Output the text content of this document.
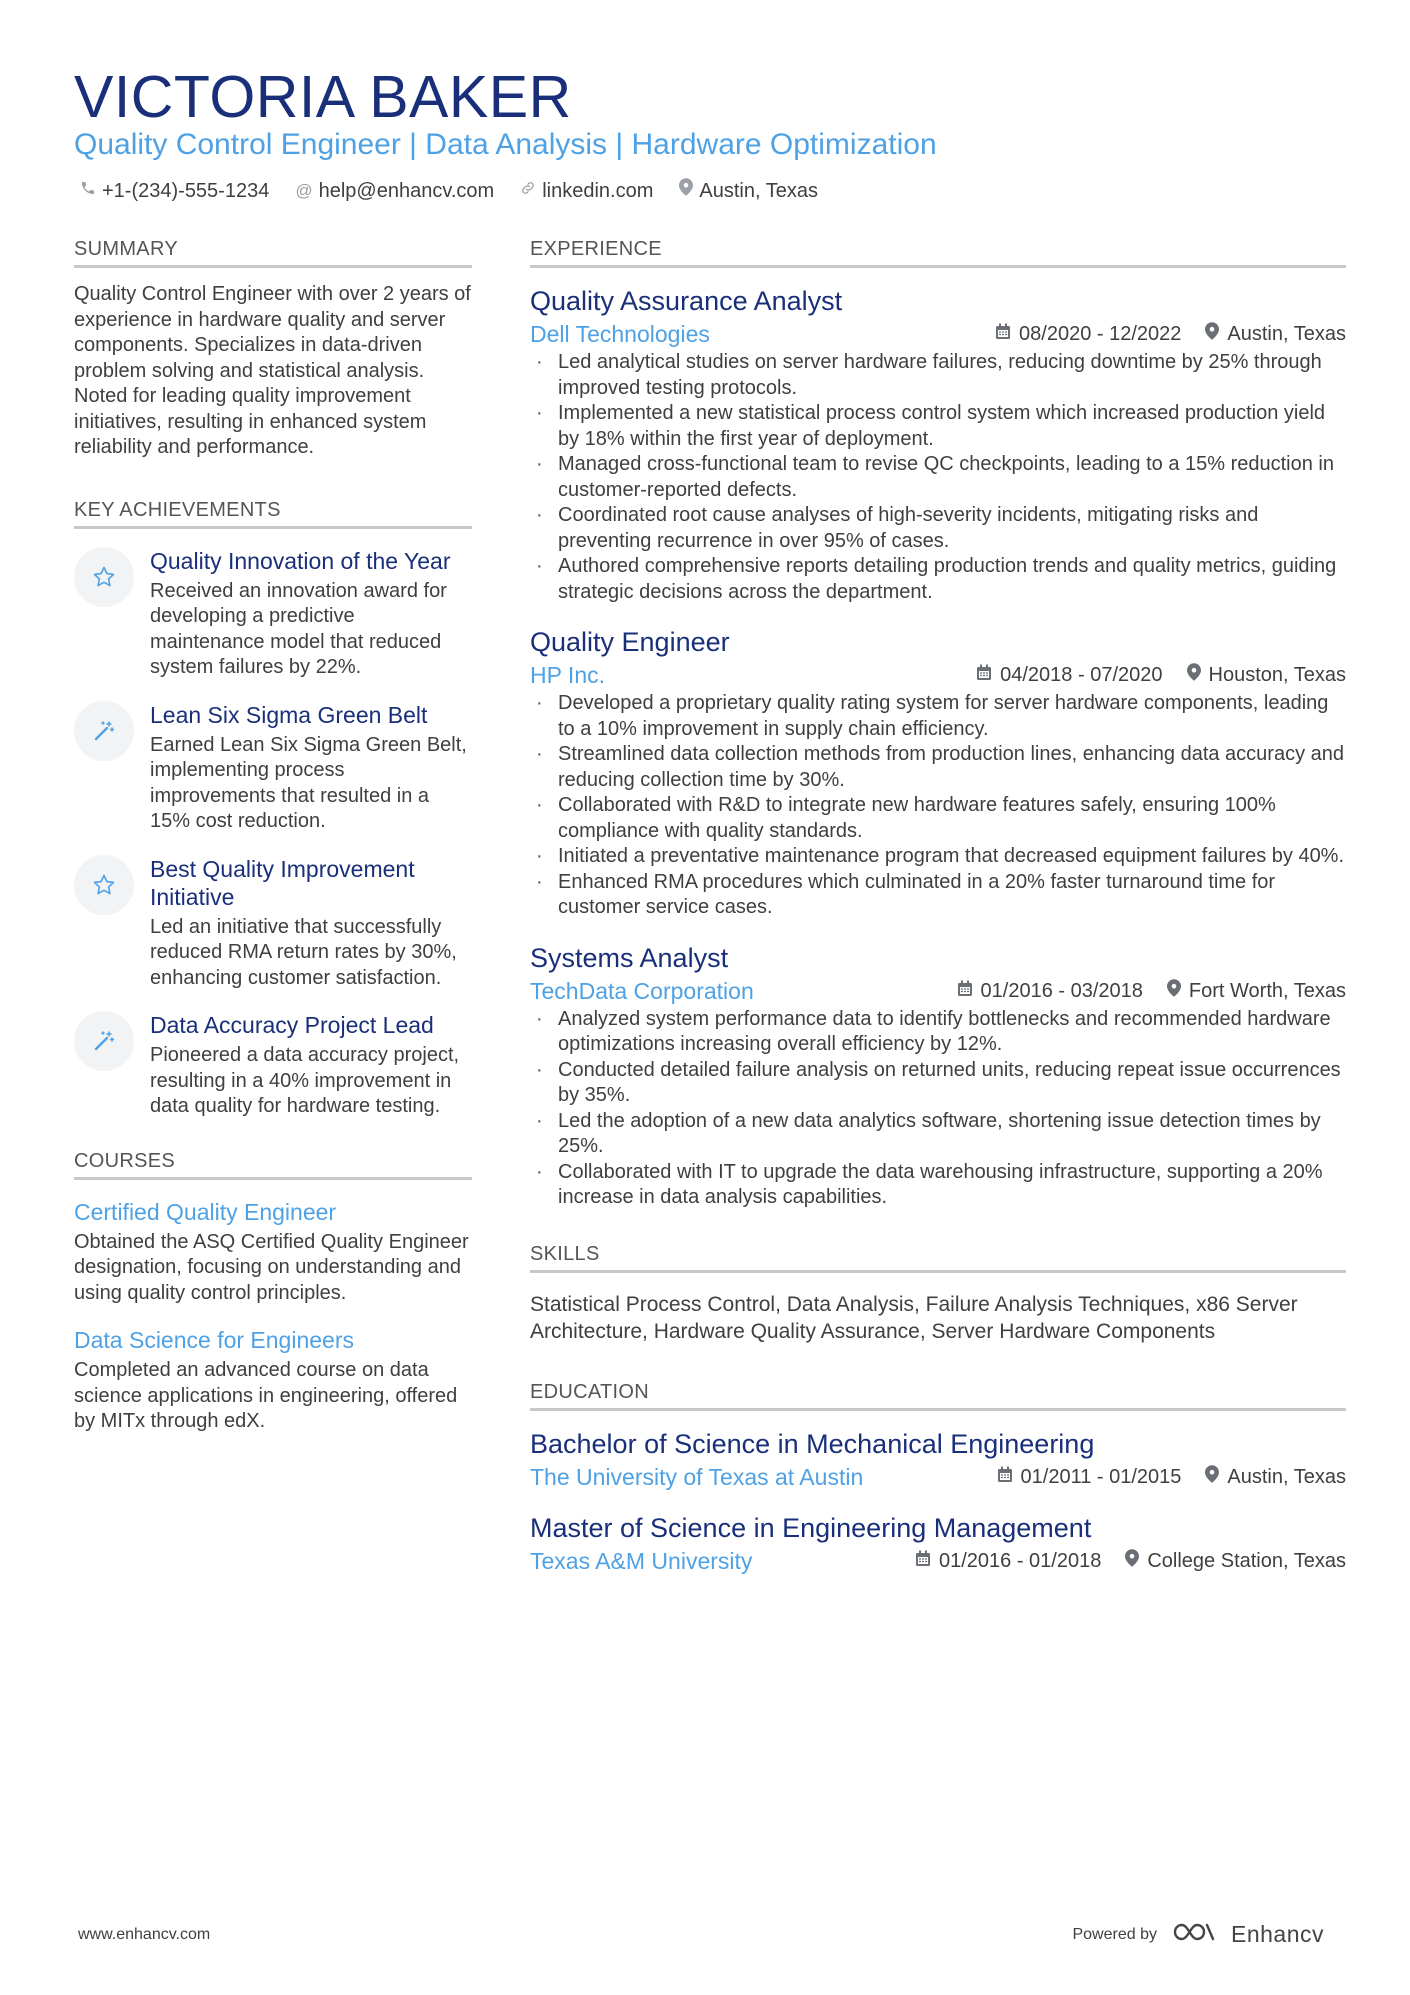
VICTORIA BAKER
Quality Control Engineer | Data Analysis | Hardware Optimization
+1-(234)-555-1234 @ help@enhancv.com linkedin.com Austin, Texas
SUMMARY
Quality Control Engineer with over 2 years of experience in hardware quality and server components. Specializes in data-driven problem solving and statistical analysis. Noted for leading quality improvement initiatives, resulting in enhanced system reliability and performance.
KEY ACHIEVEMENTS
Quality Innovation of the Year
Received an innovation award for developing a predictive maintenance model that reduced system failures by 22%.
Lean Six Sigma Green Belt
Earned Lean Six Sigma Green Belt, implementing process improvements that resulted in a 15% cost reduction.
Best Quality Improvement Initiative
Led an initiative that successfully reduced RMA return rates by 30%, enhancing customer satisfaction.
Data Accuracy Project Lead
Pioneered a data accuracy project, resulting in a 40% improvement in data quality for hardware testing.
COURSES
Certified Quality Engineer
Obtained the ASQ Certified Quality Engineer designation, focusing on understanding and using quality control principles.
Data Science for Engineers
Completed an advanced course on data science applications in engineering, offered by MITx through edX.
EXPERIENCE
Quality Assurance Analyst
Dell Technologies	08/2020 - 12/2022 Austin, Texas
· Led analytical studies on server hardware failures, reducing downtime by 25% through improved testing protocols.
· Implemented a new statistical process control system which increased production yield by 18% within the first year of deployment.
· Managed cross-functional team to revise QC checkpoints, leading to a 15% reduction in customer-reported defects.
· Coordinated root cause analyses of high-severity incidents, mitigating risks and preventing recurrence in over 95% of cases.
· Authored comprehensive reports detailing production trends and quality metrics, guiding strategic decisions across the department.
Quality Engineer
HP Inc.	04/2018 - 07/2020 Houston, Texas
· Developed a proprietary quality rating system for server hardware components, leading to a 10% improvement in supply chain efficiency.
· Streamlined data collection methods from production lines, enhancing data accuracy and reducing collection time by 30%.
· Collaborated with R&D to integrate new hardware features safely, ensuring 100% compliance with quality standards.
· Initiated a preventative maintenance program that decreased equipment failures by 40%.
· Enhanced RMA procedures which culminated in a 20% faster turnaround time for customer service cases.
Systems Analyst
TechData Corporation	01/2016 - 03/2018 Fort Worth, Texas
· Analyzed system performance data to identify bottlenecks and recommended hardware optimizations increasing overall efficiency by 12%.
· Conducted detailed failure analysis on returned units, reducing repeat issue occurrences by 35%.
· Led the adoption of a new data analytics software, shortening issue detection times by 25%.
· Collaborated with IT to upgrade the data warehousing infrastructure, supporting a 20% increase in data analysis capabilities.
SKILLS
Statistical Process Control, Data Analysis, Failure Analysis Techniques, x86 Server Architecture, Hardware Quality Assurance, Server Hardware Components
EDUCATION
Bachelor of Science in Mechanical Engineering
The University of Texas at Austin	01/2011 - 01/2015 Austin, Texas
Master of Science in Engineering Management
Texas A&M University	01/2016 - 01/2018 College Station, Texas
www.enhancv.com	Powered by	Enhancv
